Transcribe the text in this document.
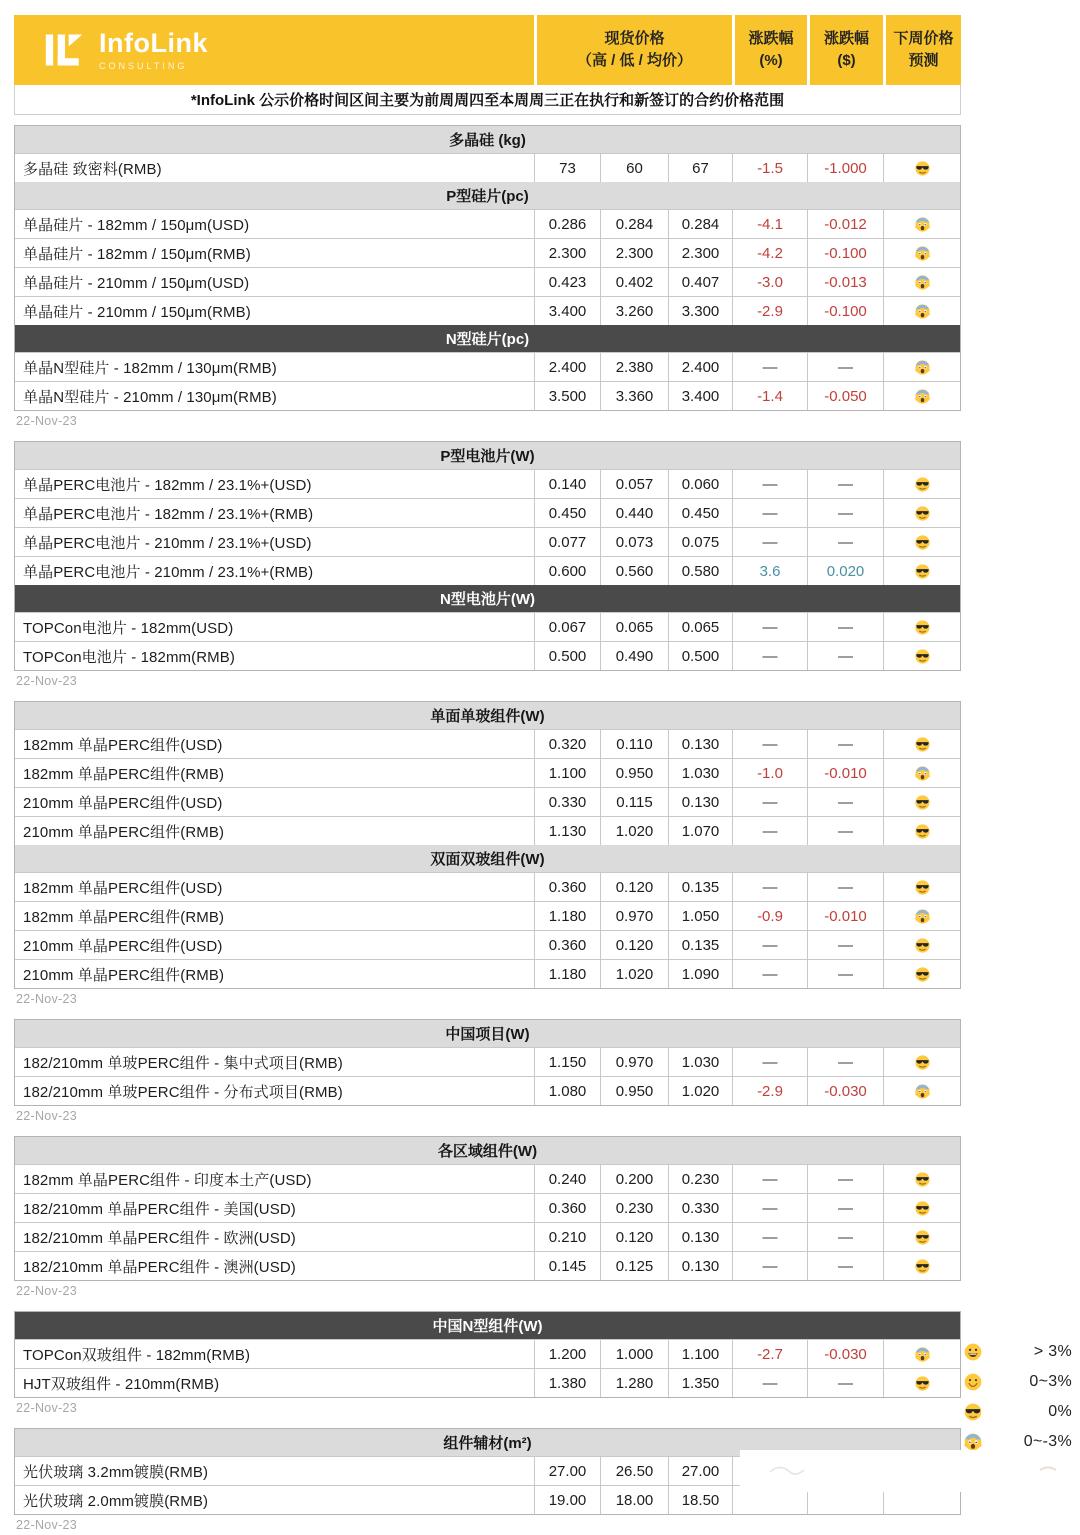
InfoLink
CONSULTING
现货价格
（高 / 低 / 均价）
涨跌幅
(%)
涨跌幅
($)
下周价格
预测
*InfoLink 公示价格时间区间主要为前周周四至本周周三正在执行和新签订的合约价格范围
多晶硅 (kg)
多晶硅 致密料(RMB)	73	60	67	-1.5	-1.000
P型硅片(pc)
单晶硅片 - 182mm / 150μm(USD)	0.286	0.284	0.284	-4.1	-0.012
单晶硅片 - 182mm / 150μm(RMB)	2.300	2.300	2.300	-4.2	-0.100
单晶硅片 - 210mm / 150μm(USD)	0.423	0.402	0.407	-3.0	-0.013
单晶硅片 - 210mm / 150μm(RMB)	3.400	3.260	3.300	-2.9	-0.100
N型硅片(pc)
单晶N型硅片 - 182mm / 130μm(RMB)	2.400	2.380	2.400	—	—
单晶N型硅片 - 210mm / 130μm(RMB)	3.500	3.360	3.400	-1.4	-0.050
22-Nov-23
P型电池片(W)
单晶PERC电池片 - 182mm / 23.1%+(USD)	0.140	0.057	0.060	—	—
单晶PERC电池片 - 182mm / 23.1%+(RMB)	0.450	0.440	0.450	—	—
单晶PERC电池片 - 210mm / 23.1%+(USD)	0.077	0.073	0.075	—	—
单晶PERC电池片 - 210mm / 23.1%+(RMB)	0.600	0.560	0.580	3.6	0.020
N型电池片(W)
TOPCon电池片 - 182mm(USD)	0.067	0.065	0.065	—	—
TOPCon电池片 - 182mm(RMB)	0.500	0.490	0.500	—	—
22-Nov-23
单面单玻组件(W)
182mm 单晶PERC组件(USD)	0.320	0.110	0.130	—	—
182mm 单晶PERC组件(RMB)	1.100	0.950	1.030	-1.0	-0.010
210mm 单晶PERC组件(USD)	0.330	0.115	0.130	—	—
210mm 单晶PERC组件(RMB)	1.130	1.020	1.070	—	—
双面双玻组件(W)
182mm 单晶PERC组件(USD)	0.360	0.120	0.135	—	—
182mm 单晶PERC组件(RMB)	1.180	0.970	1.050	-0.9	-0.010
210mm 单晶PERC组件(USD)	0.360	0.120	0.135	—	—
210mm 单晶PERC组件(RMB)	1.180	1.020	1.090	—	—
22-Nov-23
中国项目(W)
182/210mm 单玻PERC组件 - 集中式项目(RMB)	1.150	0.970	1.030	—	—
182/210mm 单玻PERC组件 - 分布式项目(RMB)	1.080	0.950	1.020	-2.9	-0.030
22-Nov-23
各区域组件(W)
182mm 单晶PERC组件 - 印度本土产(USD)	0.240	0.200	0.230	—	—
182/210mm 单晶PERC组件 - 美国(USD)	0.360	0.230	0.330	—	—
182/210mm 单晶PERC组件 - 欧洲(USD)	0.210	0.120	0.130	—	—
182/210mm 单晶PERC组件 - 澳洲(USD)	0.145	0.125	0.130	—	—
22-Nov-23
中国N型组件(W)
TOPCon双玻组件 - 182mm(RMB)	1.200	1.000	1.100	-2.7	-0.030
HJT双玻组件 - 210mm(RMB)	1.380	1.280	1.350	—	—
22-Nov-23
组件辅材(m²)
光伏玻璃 3.2mm镀膜(RMB)	27.00	26.50	27.00
光伏玻璃 2.0mm镀膜(RMB)	19.00	18.00	18.50
22-Nov-23
> 3%
0~3%
0%
0~-3%
